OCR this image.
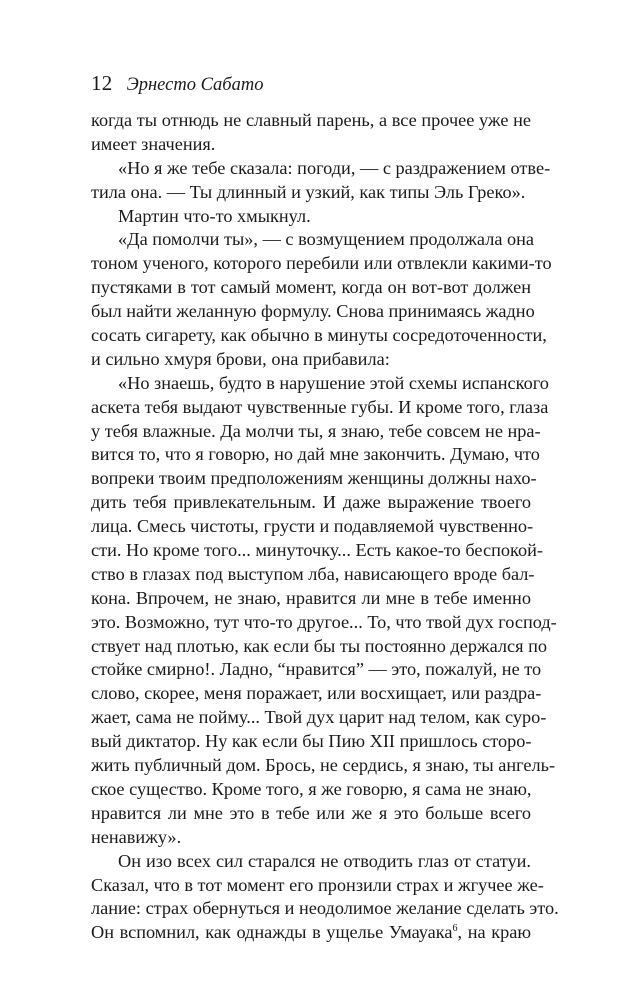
12 Эрнесто Сабато
когда ты отнюдь не славный парень, а все прочее уже не
имеет значения.
«Но я же тебе сказала: погоди, — с раздражением отве-
тила она. — Ты длинный и узкий, как типы Эль Греко».
Мартин что-то хмыкнул.
«Да помолчи ты», — с возмущением продолжала она
тоном ученого, которого перебили или отвлекли какими-то
пустяками в тот самый момент, когда он вот-вот должен
был найти желанную формулу. Снова принимаясь жадно
сосать сигарету, как обычно в минуты сосредоточенности,
и сильно хмуря брови, она прибавила:
«Но знаешь, будто в нарушение этой схемы испанского
аскета тебя выдают чувственные губы. И кроме того, глаза
у тебя влажные. Да молчи ты, я знаю, тебе совсем не нра-
вится то, что я говорю, но дай мне закончить. Думаю, что
вопреки твоим предположениям женщины должны нахо-
дить тебя привлекательным. И даже выражение твоего
лица. Смесь чистоты, грусти и подавляемой чувственно-
сти. Но кроме того... минуточку... Есть какое-то беспокой-
ство в глазах под выступом лба, нависающего вроде бал-
кона. Впрочем, не знаю, нравится ли мне в тебе именно
это. Возможно, тут что-то другое... То, что твой дух господ-
ствует над плотью, как если бы ты постоянно держался по
стойке смирно!. Ладно, “нравится” — это, пожалуй, не то
слово, скорее, меня поражает, или восхищает, или раздра-
жает, сама не пойму... Твой дух царит над телом, как суро-
вый диктатор. Ну как если бы Пию XII пришлось сторо-
жить публичный дом. Брось, не сердись, я знаю, ты ангель-
ское существо. Кроме того, я же говорю, я сама не знаю,
нравится ли мне это в тебе или же я это больше всего
ненавижу».
Он изо всех сил старался не отводить глаз от статуи.
Сказал, что в тот момент его пронзили страх и жгучее же-
лание: страх обернуться и неодолимое желание сделать это.
Он вспомнил, как однажды в ущелье Умауака$^6$, на краю
